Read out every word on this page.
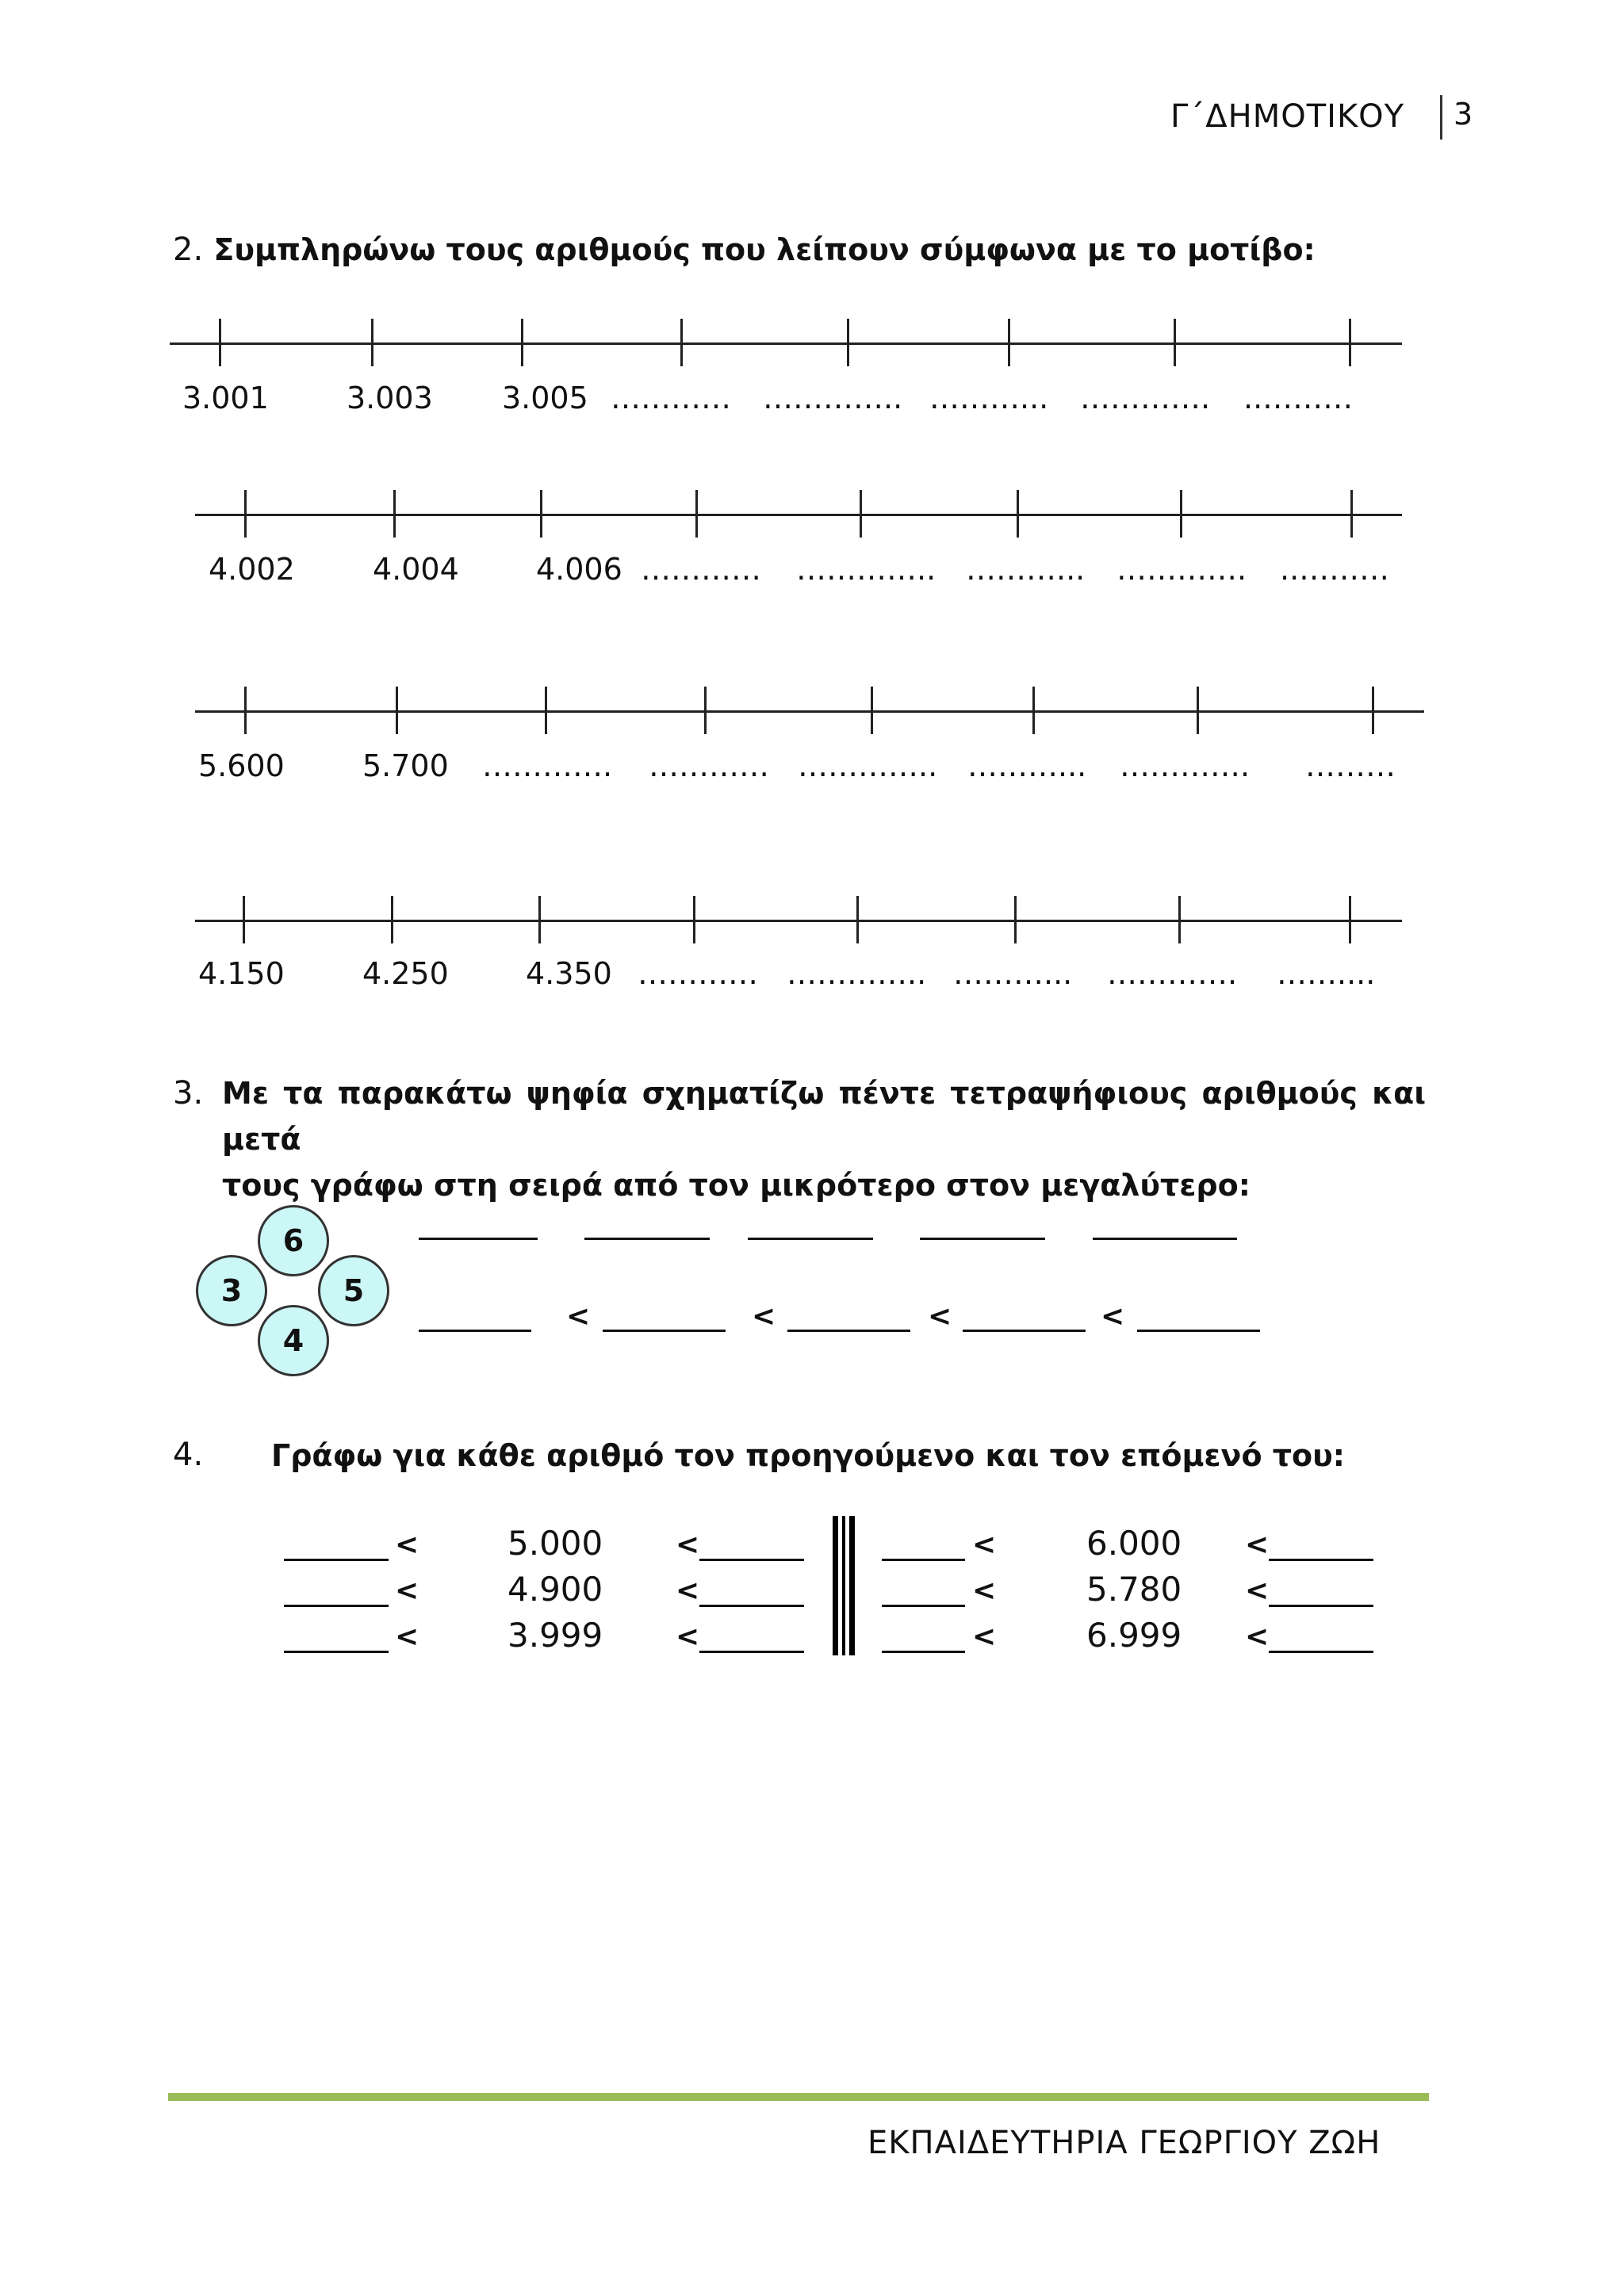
Γ΄ΔΗΜΟΤΙΚΟΥ 3
2. Συμπληρώνω τους αριθμούς που λείπουν σύμφωνα με το μοτίβο:
3.001	3.003 3.005 ………… ………….. ………... …………. ..………
4.002	4.004	4.006 ………… ………….. ………... …………. ..………
5.600	5.700 …………. ………… ………….. ………... …………. ………
4.150	4.250	4.350 ………… ………….. ………... …………. ……....
3. Με τα παρακάτω ψηφία σχηματίζω πέντε τετραψήφιους αριθμούς και μετά
τους γράφω στη σειρά από τον μικρότερο στον μεγαλύτερο:
6
3	5
4
<	<	<	<
4. Γράφω για κάθε αριθμό τον προηγούμενο και τον επόμενό του:
<	5.000	<
<	4.900	<
<	3.999	<
<	6.000 <
<	5.780 <
<	6.999 <
ΕΚΠΑΙΔΕΥΤΗΡΙΑ ΓΕΩΡΓΙΟΥ ΖΩΗ
